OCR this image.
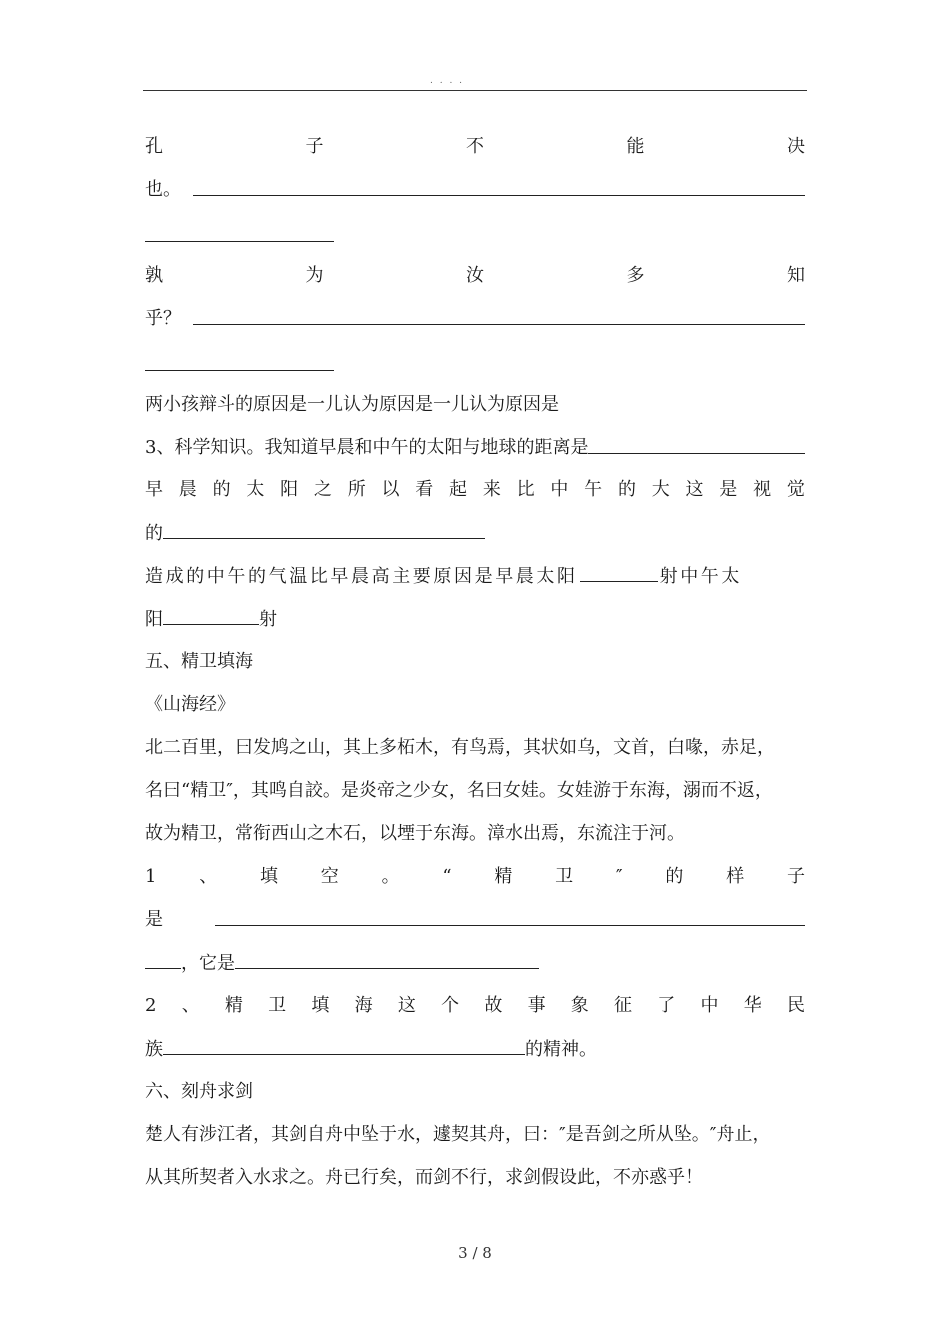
. . . .
孔	子	不	能	决
也。
孰	为	汝	多	知
乎？
两小孩辩斗的原因是一儿认为原因是一儿认为原因是
3、科学知识。我知道早晨和中午的太阳与地球的距离是
早 晨 的 太 阳 之 所 以 看 起 来 比 中 午 的 大 这 是 视 觉
的
造成的中午的气温比早晨高主要原因是早晨太阳	射中午太
阳	射
五、精卫填海
《山海经》
北二百里，曰发鸠之山，其上多柘木，有鸟焉，其状如乌，文首，白喙，赤足，
名曰“精卫″，其鸣自詨。是炎帝之少女，名曰女娃。女娃游于东海，溺而不返，
故为精卫，常衔西山之木石，以堙于东海。漳水出焉，东流注于河。
1 、 填 空 。 “ 精 卫 ″ 的 样 子
是
，它是
2 、 精 卫 填 海 这 个 故 事 象 征 了 中 华 民
族	的精神。
六、刻舟求剑
楚人有涉江者，其剑自舟中坠于水，遽契其舟，曰：″是吾剑之所从坠。″舟止，
从其所契者入水求之。舟已行矣，而剑不行，求剑假设此，不亦惑乎！
3 / 8
